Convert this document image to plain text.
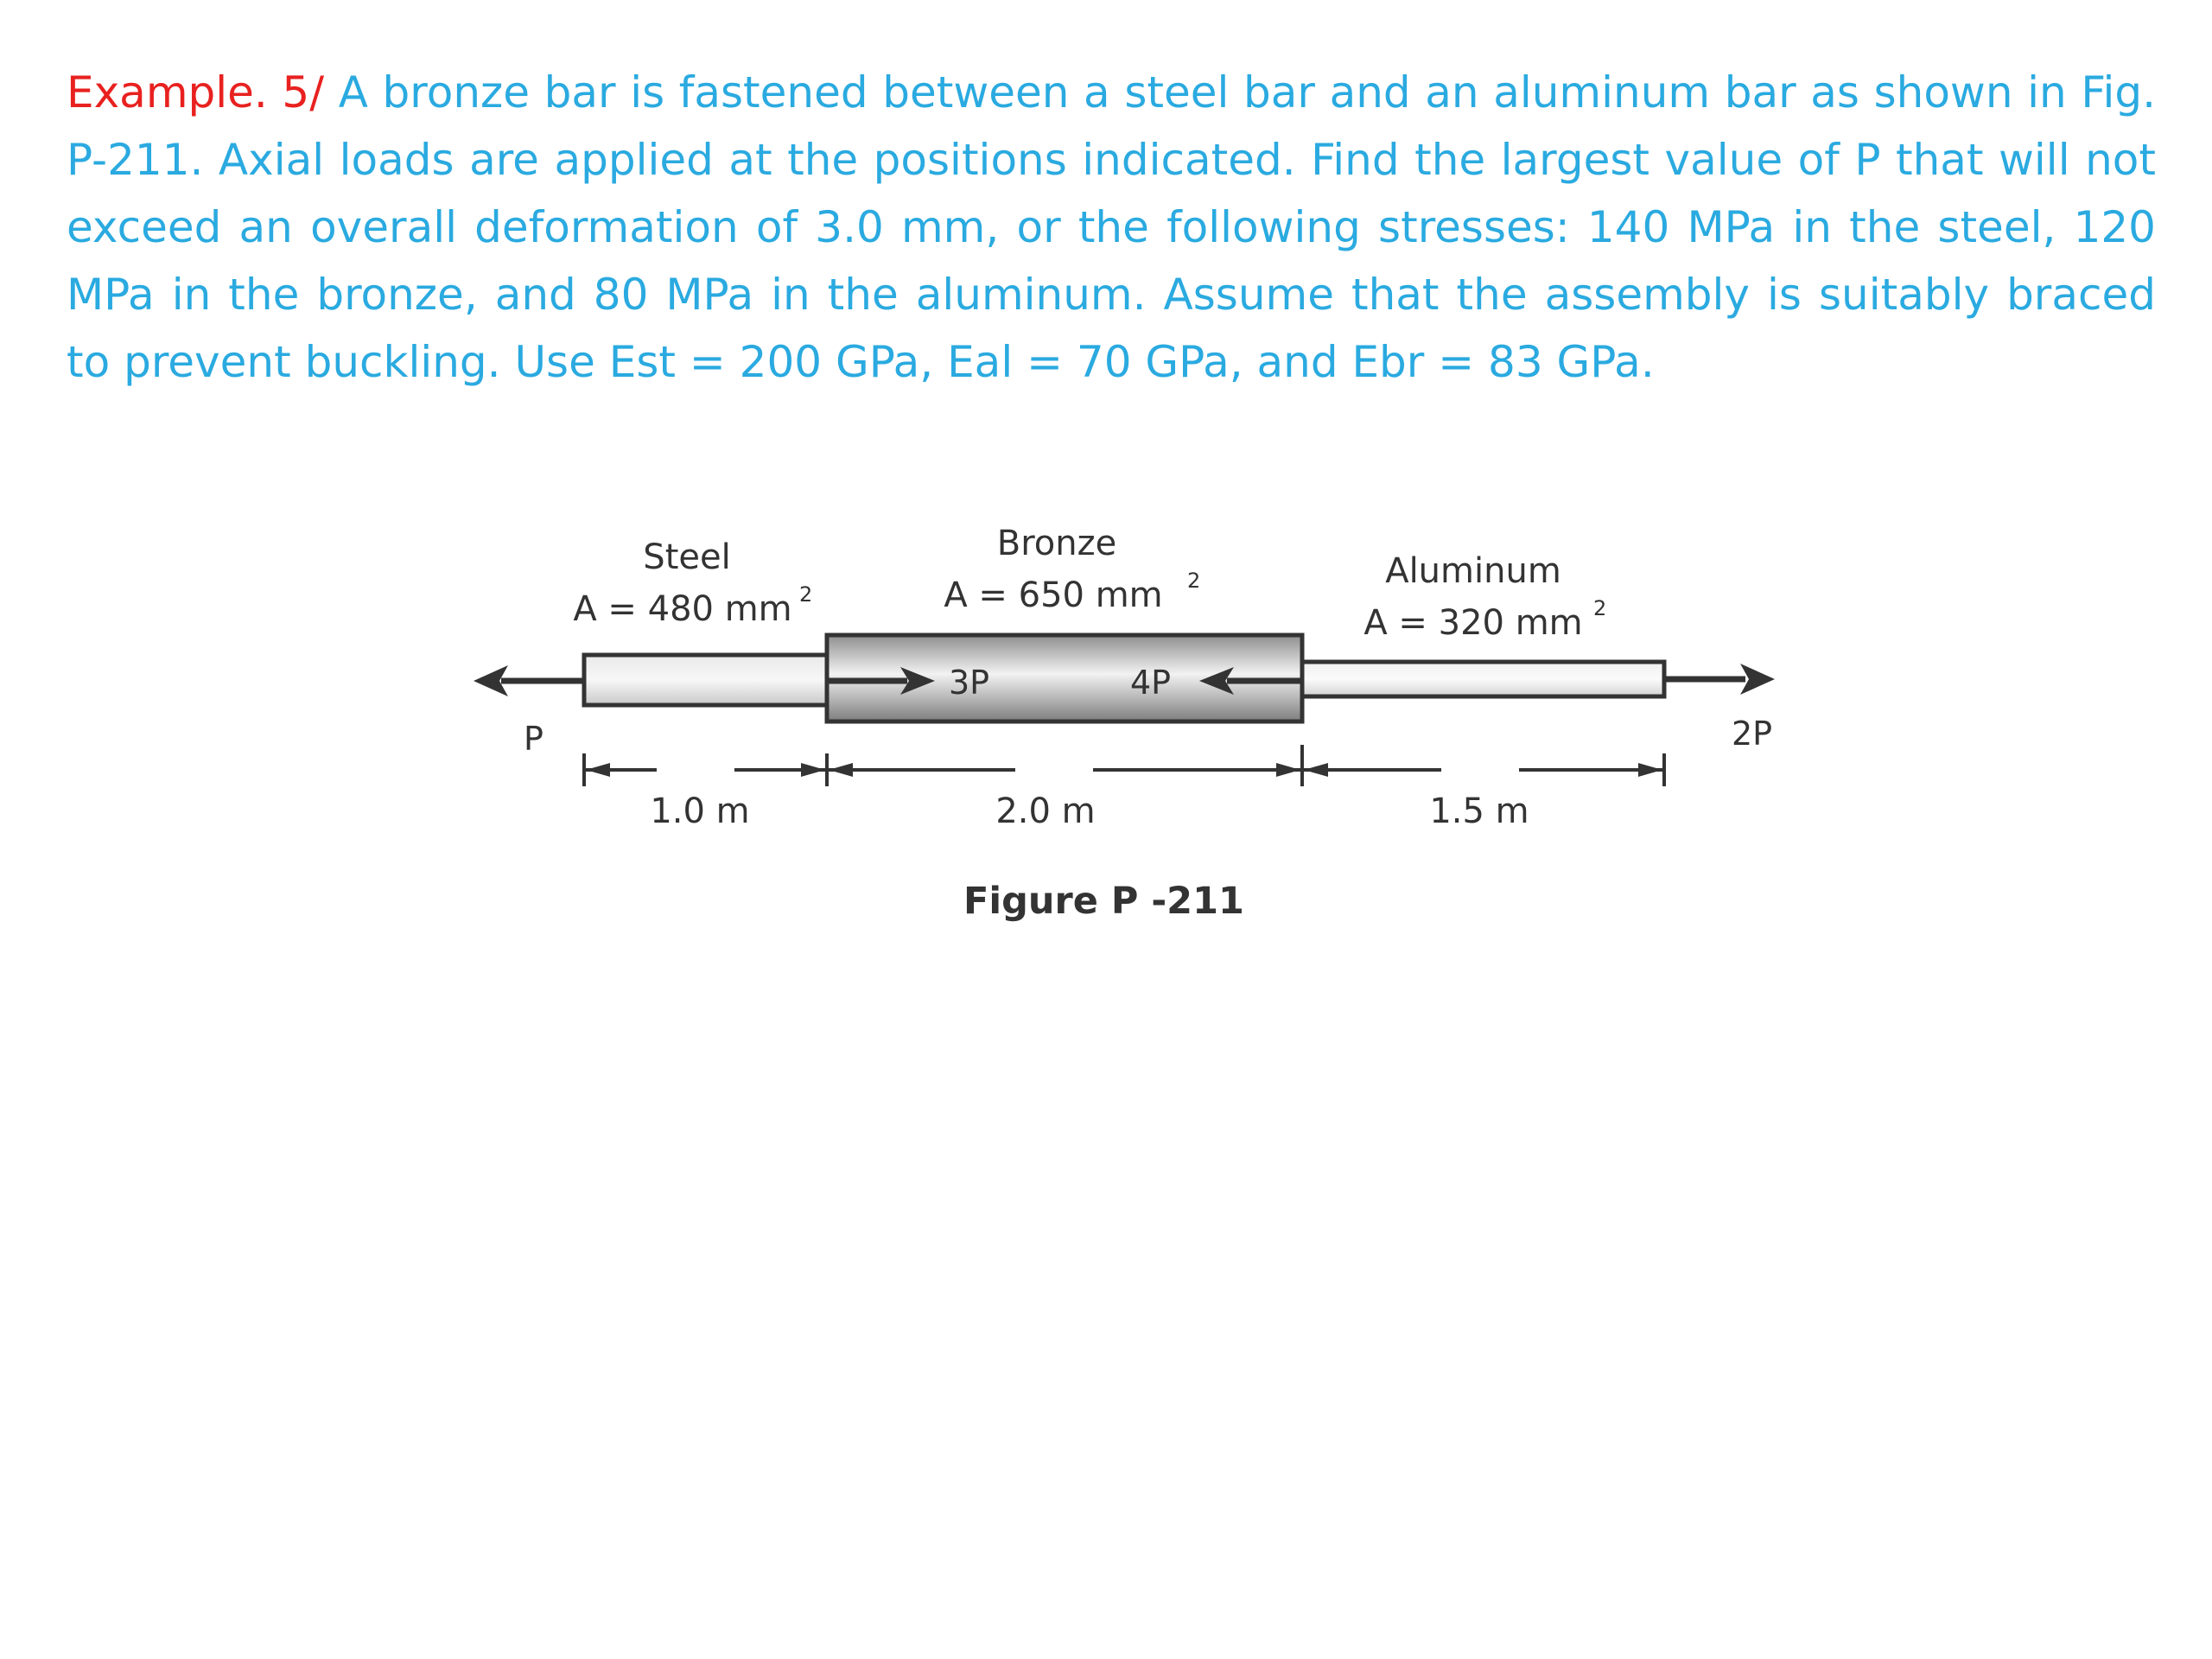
Example. 5/ A bronze bar is fastened between a steel bar and an aluminum bar as shown in Fig. P-211. Axial loads are applied at the positions indicated. Find the largest value of P that will not exceed an overall deformation of 3.0 mm, or the following stresses: 140 MPa in the steel, 120 MPa in the bronze, and 80 MPa in the aluminum. Assume that the assembly is suitably braced to prevent buckling. Use Est = 200 GPa, Eal = 70 GPa, and Ebr = 83 GPa.

P	2P
3P	4P
Steel
A = 480 mm 2
Bronze
A = 650 mm 2	Aluminum
A = 320 mm 2
1.0 m	2.0 m	1.5 m
Figure P -211
